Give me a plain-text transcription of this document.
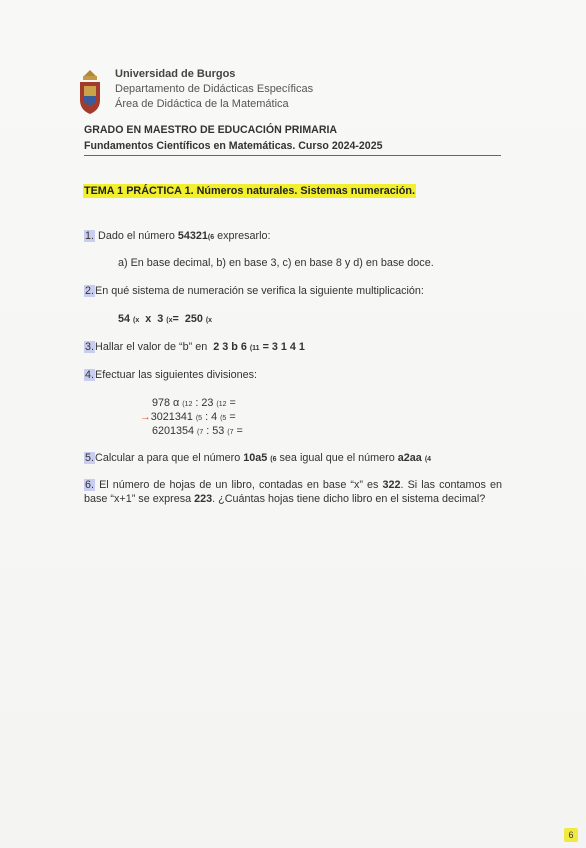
Universidad de Burgos
Departamento de Didácticas Específicas
Área de Didáctica de la Matemática
GRADO EN MAESTRO DE EDUCACIÓN PRIMARIA
Fundamentos Científicos en Matemáticas. Curso 2024-2025
TEMA 1 PRÁCTICA 1. Números naturales. Sistemas numeración.
1. Dado el número 54321(6 expresarlo:
a) En base decimal, b) en base 3, c) en base 8 y d) en base doce.
2.En qué sistema de numeración se verifica la siguiente multiplicación:
54 (x x 3 (x= 250 (x
3.Hallar el valor de “b” en  2 3 b 6 (11 = 3 1 4 1
4.Efectuar las siguientes divisiones:
978 α (12 : 23 (12 =
→3021341 (5 : 4 (5 =
6201354 (7 : 53 (7 =
5.Calcular a para que el número 10a5 (6 sea igual que el número a2aa (4
6. El número de hojas de un libro, contadas en base “x” es 322. Si las contamos en base “x+1” se expresa 223. ¿Cuántas hojas tiene dicho libro en el sistema decimal?
6
